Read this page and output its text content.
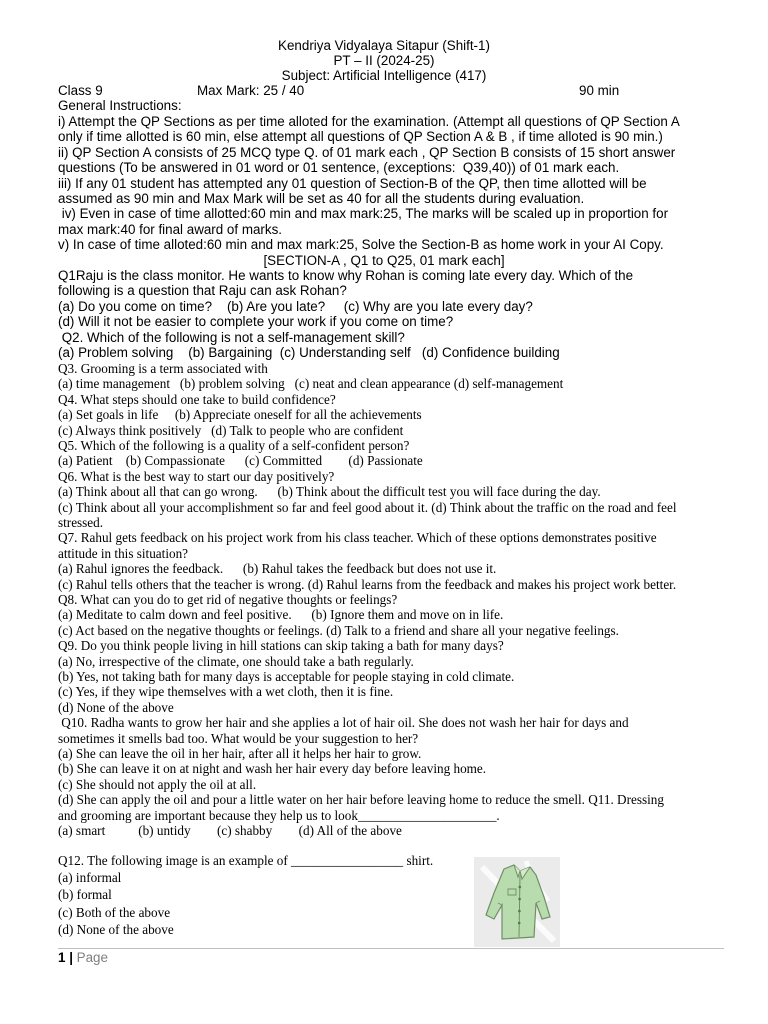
Kendriya Vidyalaya Sitapur (Shift-1)
PT – II (2024-25)
Subject: Artificial Intelligence (417)
Class 9	Max Mark: 25 / 40	90 min
General Instructions:
i) Attempt the QP Sections as per time alloted for the examination. (Attempt all questions of QP Section A
only if time allotted is 60 min, else attempt all questions of QP Section A & B , if time alloted is 90 min.)
ii) QP Section A consists of 25 MCQ type Q. of 01 mark each , QP Section B consists of 15 short answer
questions (To be answered in 01 word or 01 sentence, (exceptions:  Q39,40)) of 01 mark each.
iii) If any 01 student has attempted any 01 question of Section-B of the QP, then time allotted will be
assumed as 90 min and Max Mark will be set as 40 for all the students during evaluation.
iv) Even in case of time allotted:60 min and max mark:25, The marks will be scaled up in proportion for
max mark:40 for final award of marks.
v) In case of time alloted:60 min and max mark:25, Solve the Section-B as home work in your AI Copy.
[SECTION-A , Q1 to Q25, 01 mark each]
Q1Raju is the class monitor. He wants to know why Rohan is coming late every day. Which of the
following is a question that Raju can ask Rohan?
(a) Do you come on time?    (b) Are you late?     (c) Why are you late every day?
(d) Will it not be easier to complete your work if you come on time?
Q2. Which of the following is not a self-management skill?
(a) Problem solving    (b) Bargaining  (c) Understanding self   (d) Confidence building
Q3. Grooming is a term associated with
(a) time management   (b) problem solving   (c) neat and clean appearance (d) self-management
Q4. What steps should one take to build confidence?
(a) Set goals in life     (b) Appreciate oneself for all the achievements
(c) Always think positively   (d) Talk to people who are confident
Q5. Which of the following is a quality of a self-confident person?
(a) Patient    (b) Compassionate      (c) Committed        (d) Passionate
Q6. What is the best way to start our day positively?
(a) Think about all that can go wrong.      (b) Think about the difficult test you will face during the day.
(c) Think about all your accomplishment so far and feel good about it. (d) Think about the traffic on the road and feel
stressed.
Q7. Rahul gets feedback on his project work from his class teacher. Which of these options demonstrates positive
attitude in this situation?
(a) Rahul ignores the feedback.      (b) Rahul takes the feedback but does not use it.
(c) Rahul tells others that the teacher is wrong. (d) Rahul learns from the feedback and makes his project work better.
Q8. What can you do to get rid of negative thoughts or feelings?
(a) Meditate to calm down and feel positive.      (b) Ignore them and move on in life.
(c) Act based on the negative thoughts or feelings. (d) Talk to a friend and share all your negative feelings.
Q9. Do you think people living in hill stations can skip taking a bath for many days?
(a) No, irrespective of the climate, one should take a bath regularly.
(b) Yes, not taking bath for many days is acceptable for people staying in cold climate.
(c) Yes, if they wipe themselves with a wet cloth, then it is fine.
(d) None of the above
Q10. Radha wants to grow her hair and she applies a lot of hair oil. She does not wash her hair for days and
sometimes it smells bad too. What would be your suggestion to her?
(a) She can leave the oil in her hair, after all it helps her hair to grow.
(b) She can leave it on at night and wash her hair every day before leaving home.
(c) She should not apply the oil at all.
(d) She can apply the oil and pour a little water on her hair before leaving home to reduce the smell. Q11. Dressing
and grooming are important because they help us to look_____________________.
(a) smart          (b) untidy        (c) shabby        (d) All of the above
Q12. The following image is an example of _________________ shirt.
(a) informal
(b) formal
(c) Both of the above
(d) None of the above
1 | Page
